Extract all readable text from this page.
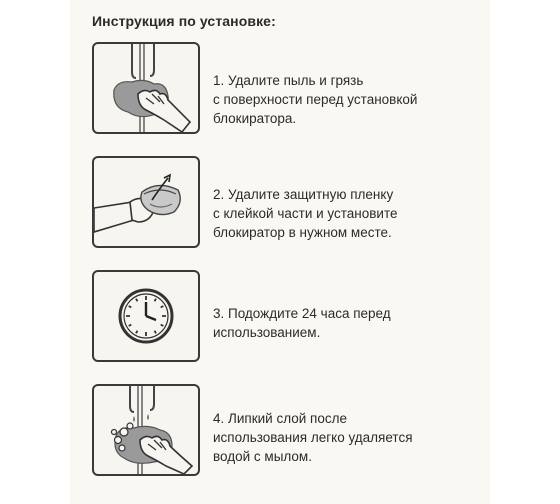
Инструкция по установке:
1. Удалите пыль и грязь
с поверхности перед установкой
блокиратора.
2. Удалите защитную пленку
с клейкой части и установите
блокиратор в нужном месте.
3. Подождите 24 часа перед
использованием.
4. Липкий слой после
использования легко удаляется
водой с мылом.
